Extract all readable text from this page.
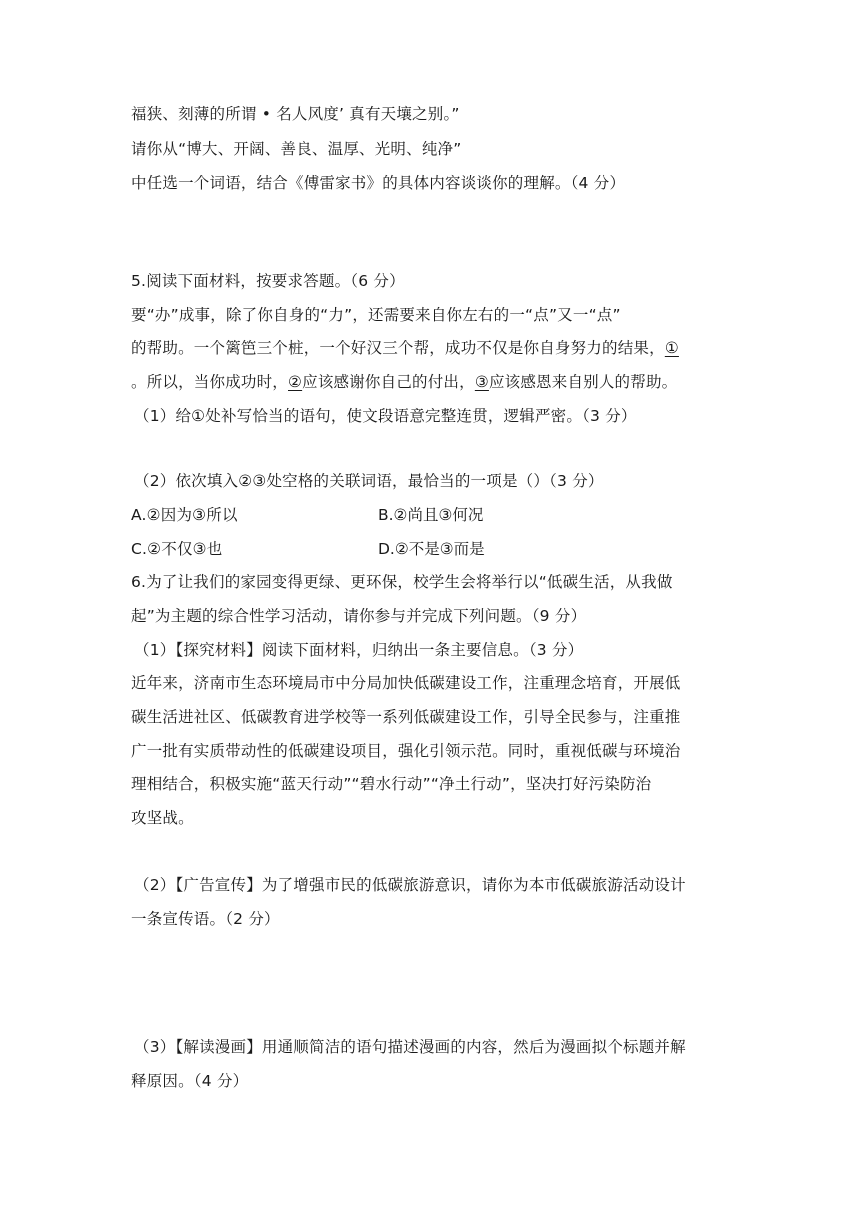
福狭、刻薄的所谓 • 名人风度’ 真有天壤之别。”
请你从“博大、开阔、善良、温厚、光明、纯净”
中任选一个词语，结合《傅雷家书》的具体内容谈谈你的理解。（4 分）
5.阅读下面材料，按要求答题。（6 分）
要“办”成事，除了你自身的“力”，还需要来自你左右的一“点”又一“点”
的帮助。一个篱笆三个桩，一个好汉三个帮，成功不仅是你自身努力的结果，①
。所以，当你成功时，②应该感谢你自己的付出，③应该感恩来自别人的帮助。
（1）给①处补写恰当的语句，使文段语意完整连贯，逻辑严密。（3 分）
（2）依次填入②③处空格的关联词语，最恰当的一项是（）（3 分）
A.②因为③所以	B.②尚且③何况
C.②不仅③也	D.②不是③而是
6.为了让我们的家园变得更绿、更环保，校学生会将举行以“低碳生活，从我做
起”为主题的综合性学习活动，请你参与并完成下列问题。（9 分）
（1）【探究材料】阅读下面材料，归纳出一条主要信息。（3 分）
近年来，济南市生态环境局市中分局加快低碳建设工作，注重理念培育，开展低
碳生活进社区、低碳教育进学校等一系列低碳建设工作，引导全民参与，注重推
广一批有实质带动性的低碳建设项目，强化引领示范。同时，重视低碳与环境治
理相结合，积极实施“蓝天行动”“碧水行动”“净土行动”，坚决打好污染防治
攻坚战。
（2）【广告宣传】为了增强市民的低碳旅游意识，请你为本市低碳旅游活动设计
一条宣传语。（2 分）
（3）【解读漫画】用通顺简洁的语句描述漫画的内容，然后为漫画拟个标题并解
释原因。（4 分）
